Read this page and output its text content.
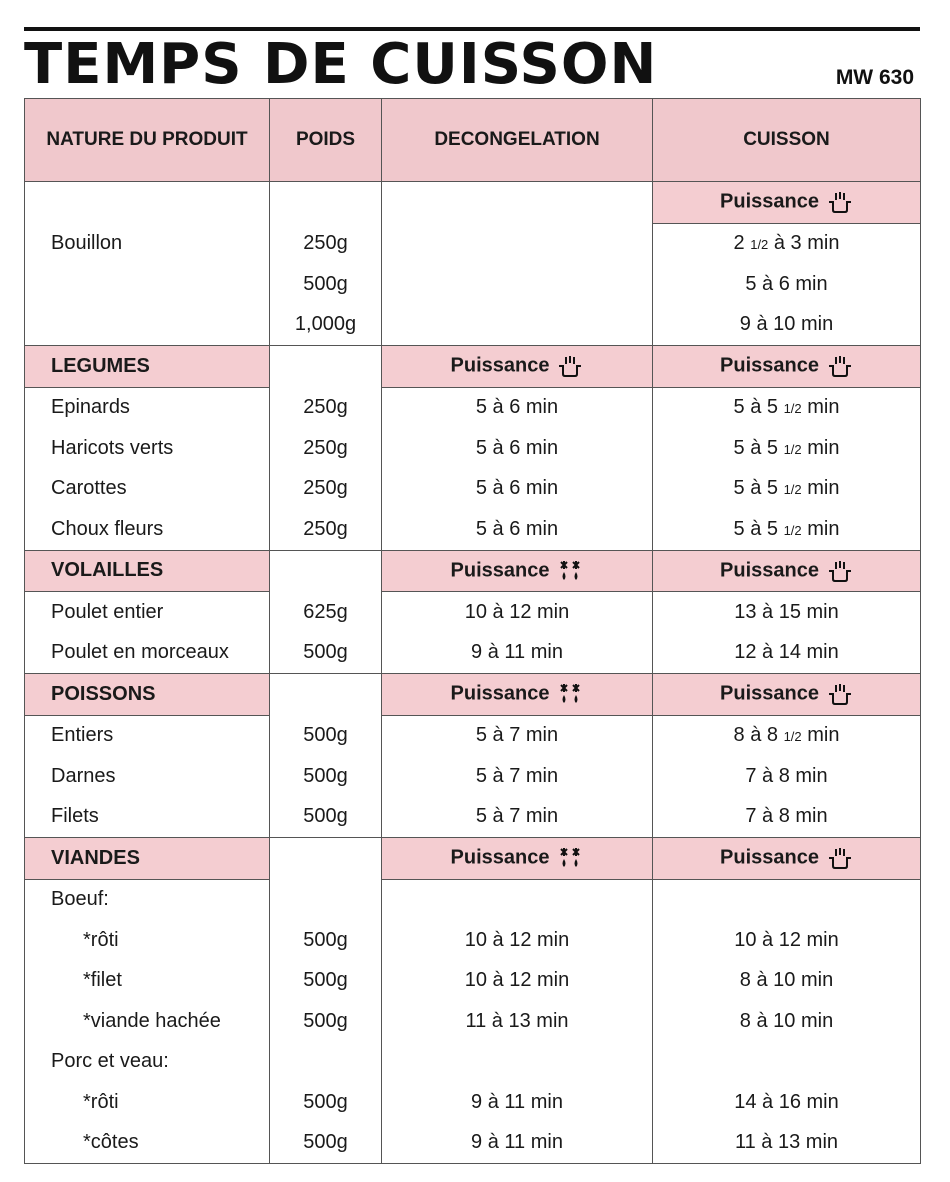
TEMPS DE CUISSON	MW 630
NATURE DU PRODUIT	POIDS	DECONGELATION	CUISSON
			Puissance
Bouillon	250g		2 1/2 à 3 min
	500g		5 à 6 min
	1,000g		9 à 10 min
LEGUMES		Puissance	Puissance
Epinards	250g	5 à 6 min	5 à 5 1/2 min
Haricots verts	250g	5 à 6 min	5 à 5 1/2 min
Carottes	250g	5 à 6 min	5 à 5 1/2 min
Choux fleurs	250g	5 à 6 min	5 à 5 1/2 min
VOLAILLES		Puissance	Puissance
Poulet entier	625g	10 à 12 min	13 à 15 min
Poulet en morceaux	500g	9 à 11 min	12 à 14 min
POISSONS		Puissance	Puissance
Entiers	500g	5 à 7 min	8 à 8 1/2 min
Darnes	500g	5 à 7 min	7 à 8 min
Filets	500g	5 à 7 min	7 à 8 min
VIANDES		Puissance	Puissance
Boeuf:			
*rôti	500g	10 à 12 min	10 à 12 min
*filet	500g	10 à 12 min	8 à 10 min
*viande hachée	500g	11 à 13 min	8 à 10 min
Porc et veau:			
*rôti	500g	9 à 11 min	14 à 16 min
*côtes	500g	9 à 11 min	11 à 13 min
